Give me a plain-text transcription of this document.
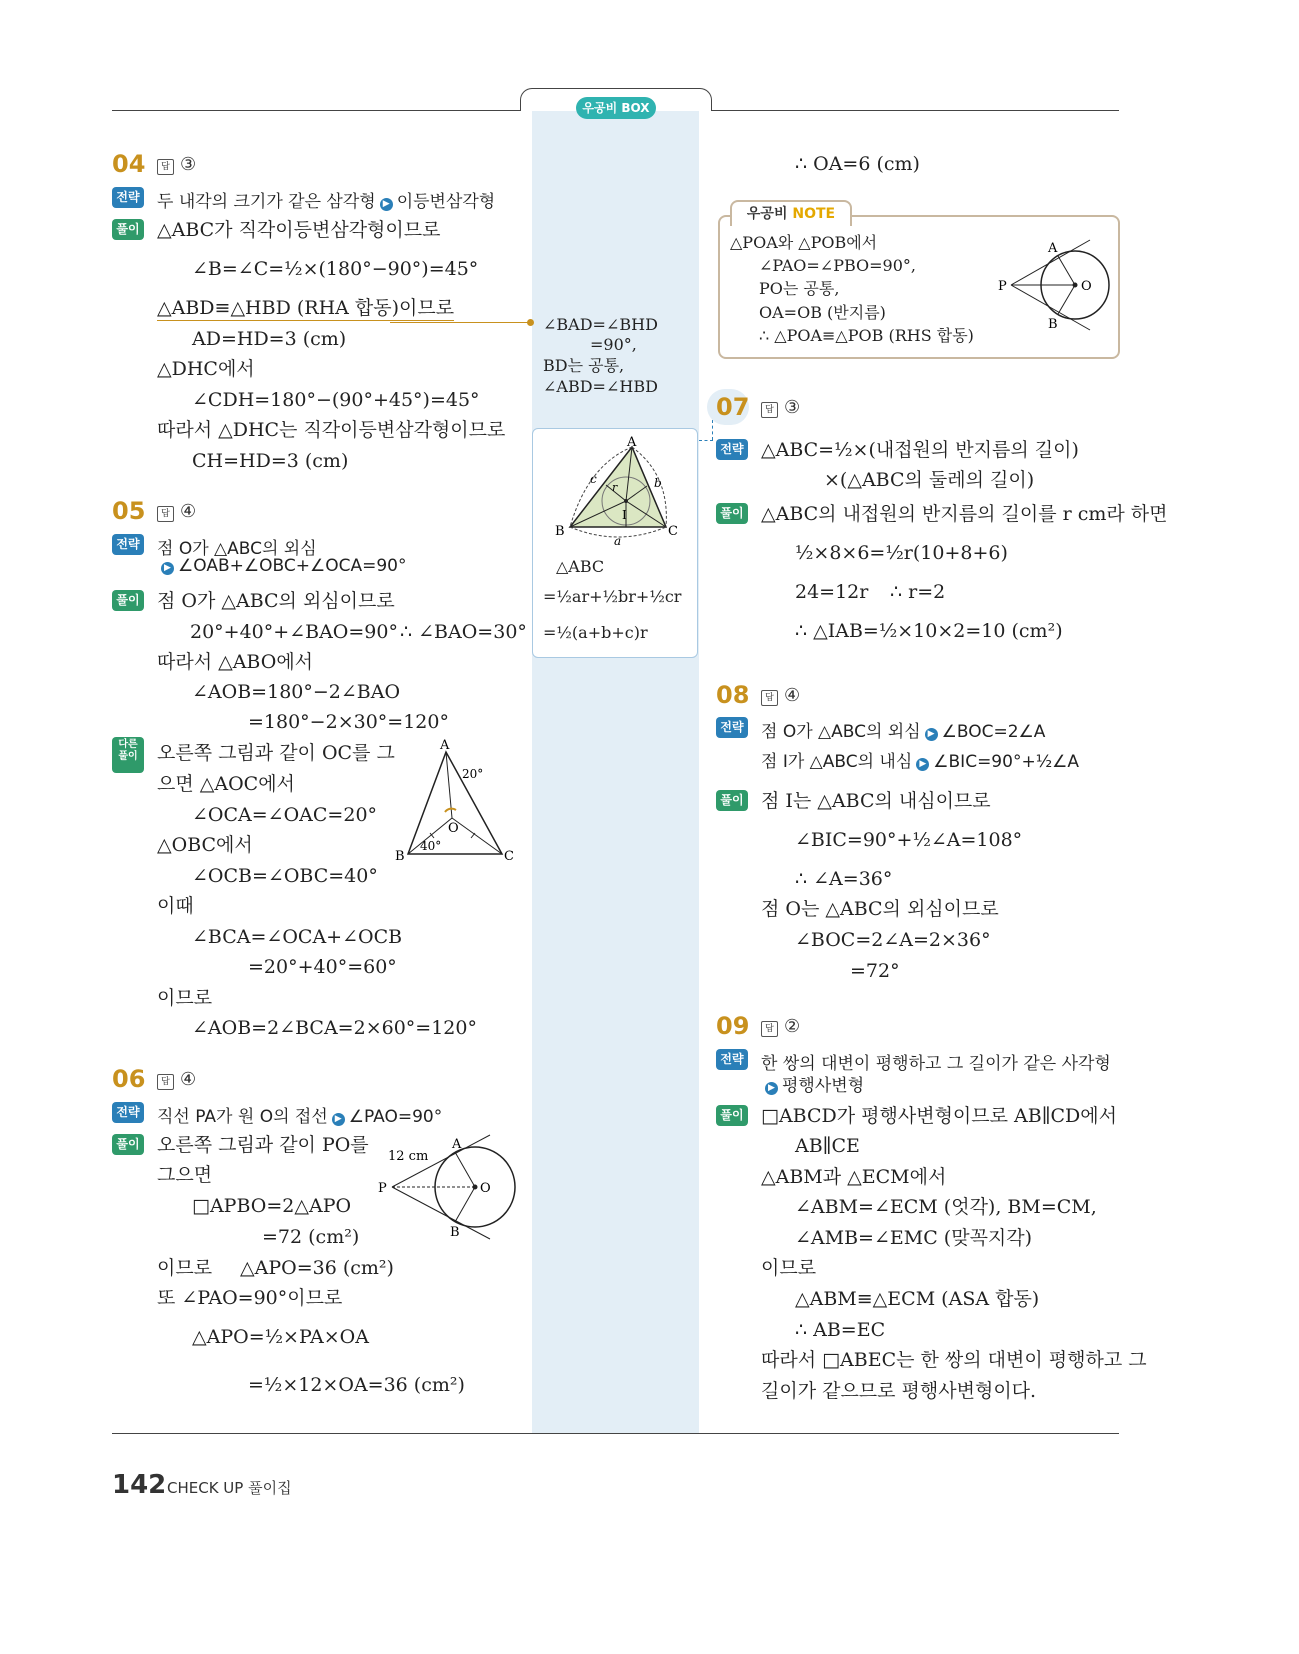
우공비 BOX
04	답 ③
전략 두 내각의 크기가 같은 삼각형 ▶ 이등변삼각형
풀이 △ABC가 직각이등변삼각형이므로
∠B=∠C=½×(180°−90°)=45°
△ABD≡△HBD (RHA 합동)이므로
AD=HD=3 (cm)
△DHC에서
∠CDH=180°−(90°+45°)=45°
따라서 △DHC는 직각이등변삼각형이므로
CH=HD=3 (cm)
05	답 ④
전략 점 O가 △ABC의 외심
▶ ∠OAB+∠OBC+∠OCA=90°
풀이 점 O가 △ABC의 외심이므로
20°+40°+∠BAO=90° ∴ ∠BAO=30°
따라서 △ABO에서
∠AOB=180°−2∠BAO
=180°−2×30°=120°
다른
풀이	오른쪽 그림과 같이 OC를 그
으면 △AOC에서
∠OCA=∠OAC=20°
△OBC에서
∠OCB=∠OBC=40°
이때
∠BCA=∠OCA+∠OCB
=20°+40°=60°
이므로
∠AOB=2∠BCA=2×60°=120°
A
B	C
O
20°
40°
06	답 ④
전략 직선 PA가 원 O의 접선 ▶ ∠PAO=90°
풀이 오른쪽 그림과 같이 PO를
그으면
□APBO=2△APO
=72 (cm²)
이므로 △APO=36 (cm²)
또 ∠PAO=90°이므로
△APO=½×PA×OA
=½×12×OA=36 (cm²)
12 cm
A
B
P	O
∠BAD=∠BHD
=90°,
BD는 공통,
∠ABD=∠HBD
A
B	C
I
a
b
c
r
△ABC
=½ar+½br+½cr
=½(a+b+c)r
∴ OA=6 (cm)
우공비 NOTE
△POA와 △POB에서
∠PAO=∠PBO=90°,
PO는 공통,
OA=OB (반지름)
∴ △POA≡△POB (RHS 합동)
A
B
P	O
07	답 ③
전략 △ABC=½×(내접원의 반지름의 길이)
×(△ABC의 둘레의 길이)
풀이 △ABC의 내접원의 반지름의 길이를 r cm라 하면
½×8×6=½r(10+8+6)
24=12r ∴ r=2
∴ △IAB=½×10×2=10 (cm²)
08	답 ④
전략 점 O가 △ABC의 외심 ▶ ∠BOC=2∠A
점 I가 △ABC의 내심 ▶ ∠BIC=90°+½∠A
풀이 점 I는 △ABC의 내심이므로
∠BIC=90°+½∠A=108°
∴ ∠A=36°
점 O는 △ABC의 외심이므로
∠BOC=2∠A=2×36°
=72°
09	답 ②
전략 한 쌍의 대변이 평행하고 그 길이가 같은 사각형
▶ 평행사변형
풀이 □ABCD가 평행사변형이므로 AB∥CD에서
AB∥CE
△ABM과 △ECM에서
∠ABM=∠ECM (엇각), BM=CM,
∠AMB=∠EMC (맞꼭지각)
이므로
△ABM≡△ECM (ASA 합동)
∴ AB=EC
따라서 □ABEC는 한 쌍의 대변이 평행하고 그
길이가 같으므로 평행사변형이다.
142 CHECK UP 풀이집
